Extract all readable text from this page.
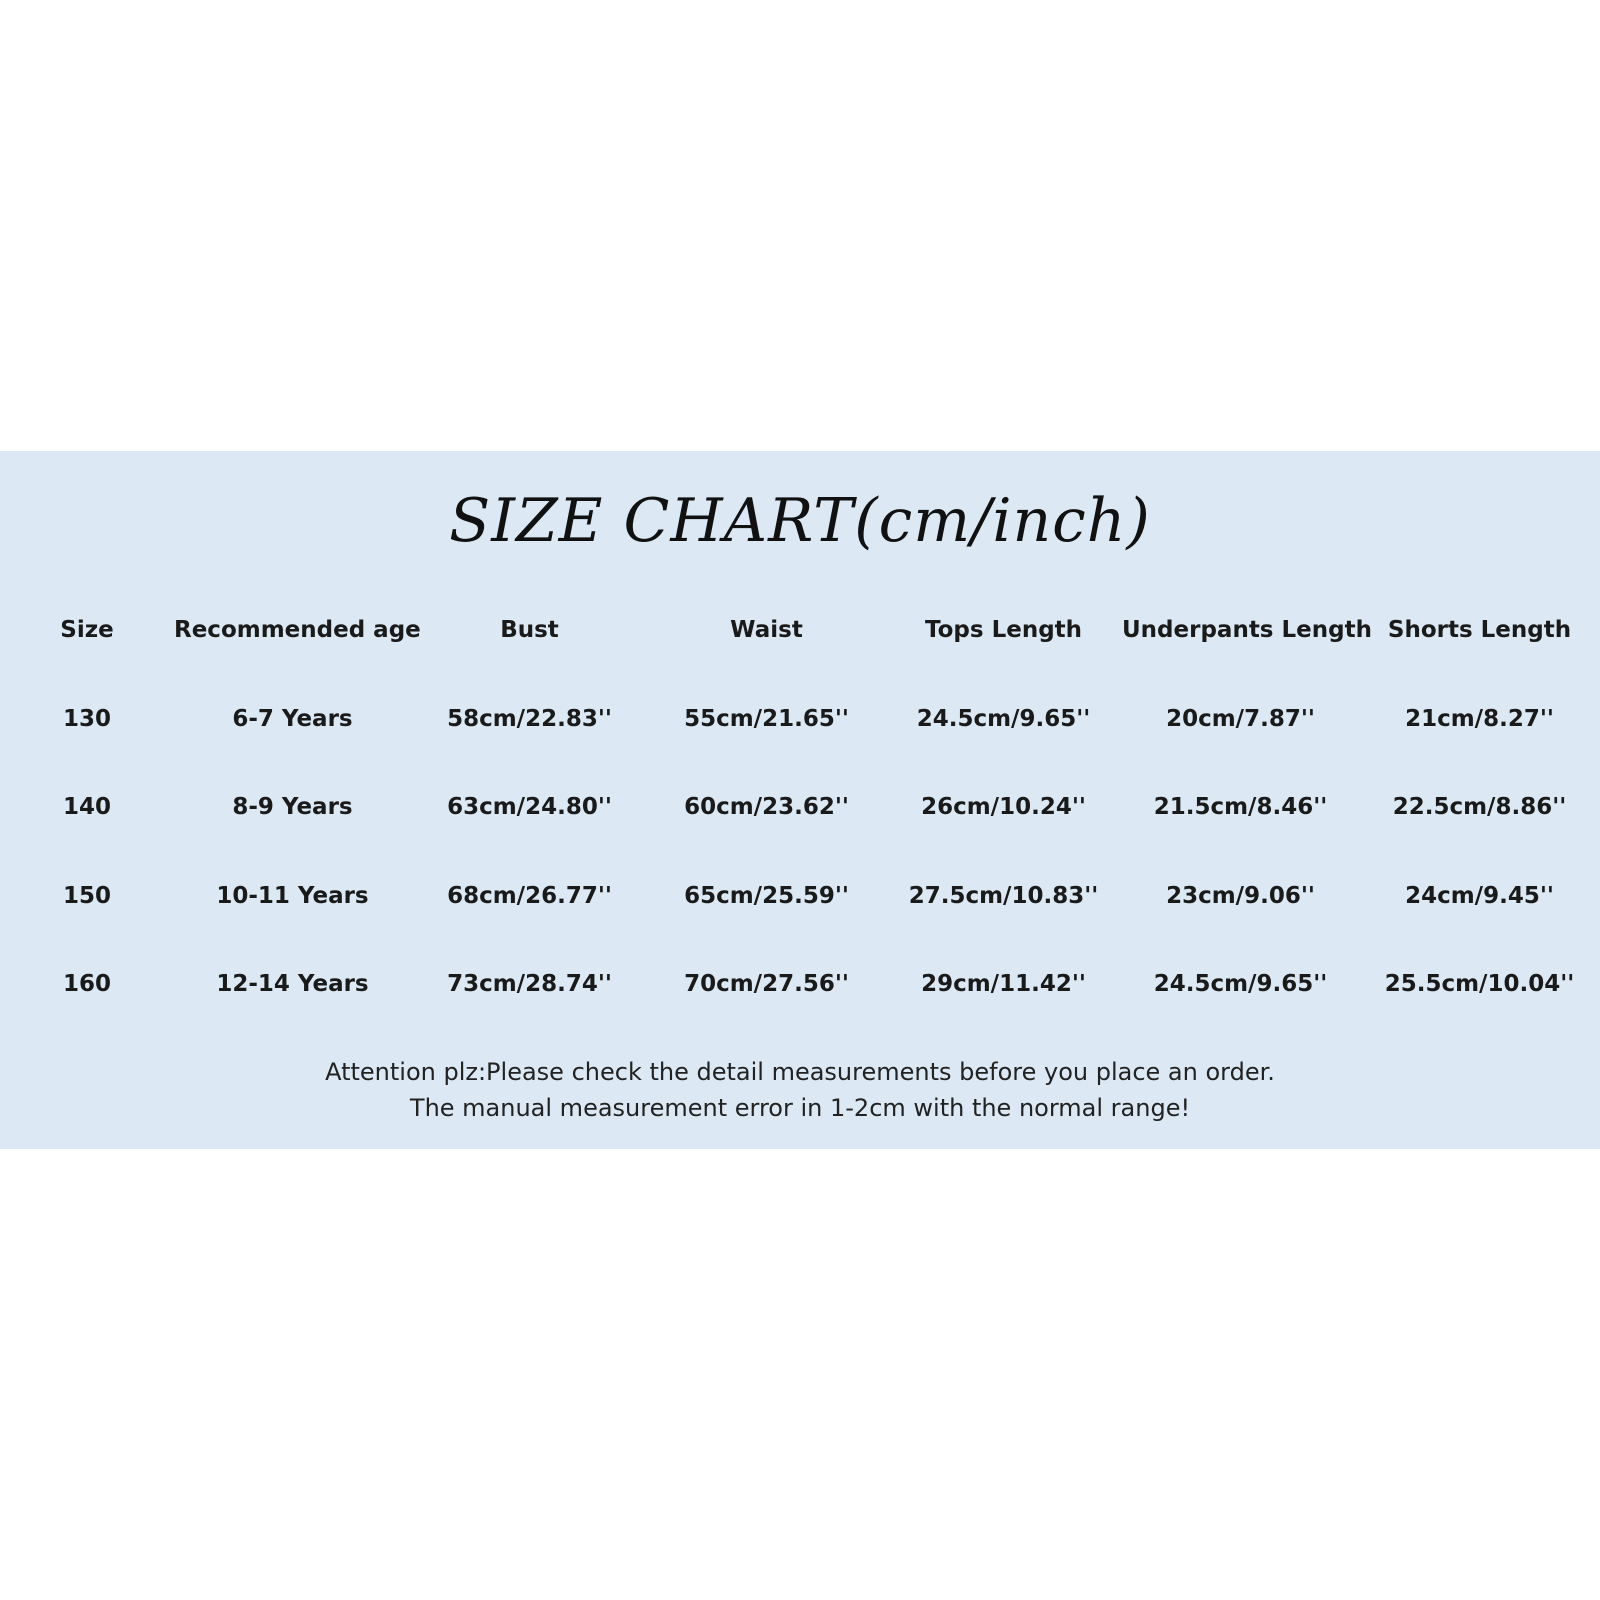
SIZE CHART(cm/inch)
Size	Recommended age	Bust	Waist	Tops Length	Underpants Length	Shorts Length
130	6-7 Years	58cm/22.83''	55cm/21.65''	24.5cm/9.65''	20cm/7.87''	21cm/8.27''
140	8-9 Years	63cm/24.80''	60cm/23.62''	26cm/10.24''	21.5cm/8.46''	22.5cm/8.86''
150	10-11 Years	68cm/26.77''	65cm/25.59''	27.5cm/10.83''	23cm/9.06''	24cm/9.45''
160	12-14 Years	73cm/28.74''	70cm/27.56''	29cm/11.42''	24.5cm/9.65''	25.5cm/10.04''
Attention plz:Please check the detail measurements before you place an order.
The manual measurement error in 1-2cm with the normal range!
